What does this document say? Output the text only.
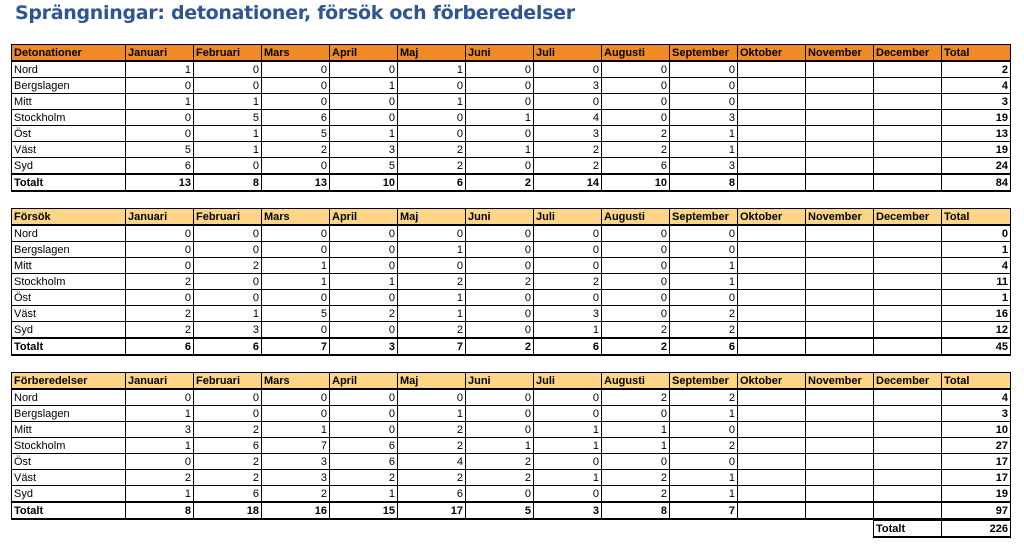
Sprängningar: detonationer, försök och förberedelser
Detonationer	Januari	Februari	Mars	April	Maj	Juni	Juli	Augusti	September	Oktober	November	December	Total
Nord	1	0	0	0	1	0	0	0	0				2
Bergslagen	0	0	0	1	0	0	3	0	0				4
Mitt	1	1	0	0	1	0	0	0	0				3
Stockholm	0	5	6	0	0	1	4	0	3				19
Öst	0	1	5	1	0	0	3	2	1				13
Väst	5	1	2	3	2	1	2	2	1				19
Syd	6	0	0	5	2	0	2	6	3				24
Totalt	13	8	13	10	6	2	14	10	8				84
Försök	Januari	Februari	Mars	April	Maj	Juni	Juli	Augusti	September	Oktober	November	December	Total
Nord	0	0	0	0	0	0	0	0	0				0
Bergslagen	0	0	0	0	1	0	0	0	0				1
Mitt	0	2	1	0	0	0	0	0	1				4
Stockholm	2	0	1	1	2	2	2	0	1				11
Öst	0	0	0	0	1	0	0	0	0				1
Väst	2	1	5	2	1	0	3	0	2				16
Syd	2	3	0	0	2	0	1	2	2				12
Totalt	6	6	7	3	7	2	6	2	6				45
Förberedelser	Januari	Februari	Mars	April	Maj	Juni	Juli	Augusti	September	Oktober	November	December	Total
Nord	0	0	0	0	0	0	0	2	2				4
Bergslagen	1	0	0	0	1	0	0	0	1				3
Mitt	3	2	1	0	2	0	1	1	0				10
Stockholm	1	6	7	6	2	1	1	1	2				27
Öst	0	2	3	6	4	2	0	0	0				17
Väst	2	2	3	2	2	2	1	2	1				17
Syd	1	6	2	1	6	0	0	2	1				19
Totalt	8	18	16	15	17	5	3	8	7				97
Totalt	226
